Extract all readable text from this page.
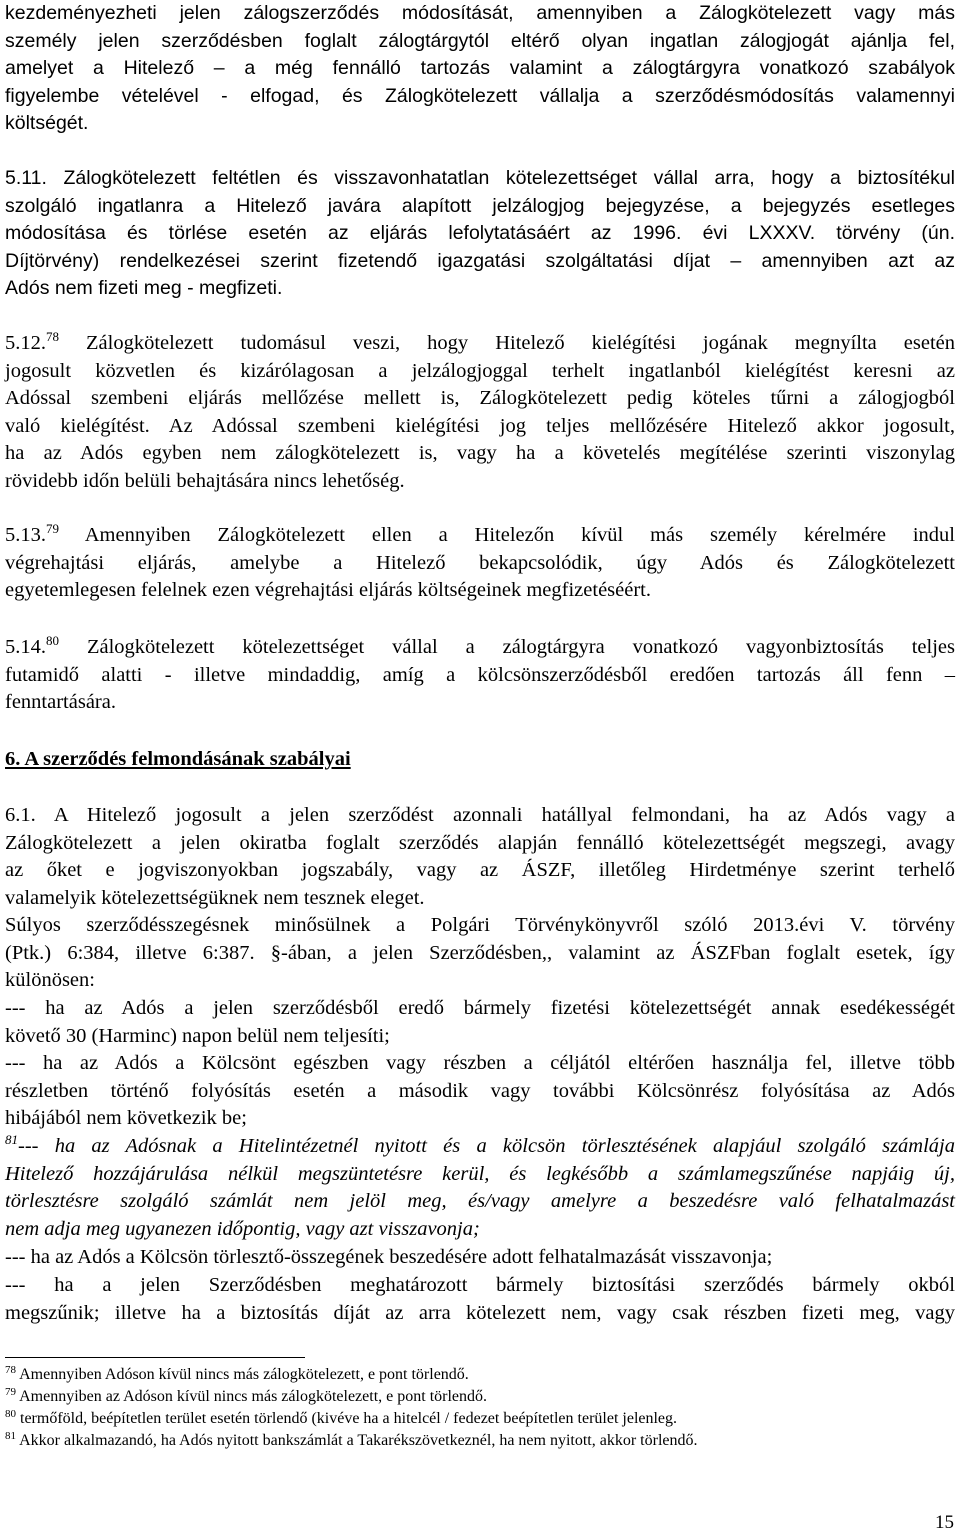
kezdeményezheti jelen zálogszerződés módosítását, amennyiben a Zálogkötelezett vagy más
személy jelen szerződésben foglalt zálogtárgytól eltérő olyan ingatlan zálogjogát ajánlja fel,
amelyet a Hitelező – a még fennálló tartozás valamint a zálogtárgyra vonatkozó szabályok
figyelembe vételével - elfogad, és Zálogkötelezett vállalja a szerződésmódosítás valamennyi
költségét.
5.11. Zálogkötelezett feltétlen és visszavonhatatlan kötelezettséget vállal arra, hogy a biztosítékul
szolgáló ingatlanra a Hitelező javára alapított jelzálogjog bejegyzése, a bejegyzés esetleges
módosítása és törlése esetén az eljárás lefolytatásáért az 1996. évi LXXXV. törvény (ún.
Díjtörvény) rendelkezései szerint fizetendő igazgatási szolgáltatási díjat – amennyiben azt az
Adós nem fizeti meg - megfizeti.
5.12.78 Zálogkötelezett tudomásul veszi, hogy Hitelező kielégítési jogának megnyílta esetén
jogosult közvetlen és kizárólagosan a jelzálogjoggal terhelt ingatlanból kielégítést keresni az
Adóssal szembeni eljárás mellőzése mellett is, Zálogkötelezett pedig köteles tűrni a zálogjogból
való kielégítést. Az Adóssal szembeni kielégítési jog teljes mellőzésére Hitelező akkor jogosult,
ha az Adós egyben nem zálogkötelezett is, vagy ha a követelés megítélése szerinti viszonylag
rövidebb időn belüli behajtására nincs lehetőség.
5.13.79 Amennyiben Zálogkötelezett ellen a Hitelezőn kívül más személy kérelmére indul
végrehajtási eljárás, amelybe a Hitelező bekapcsolódik, úgy Adós és Zálogkötelezett
egyetemlegesen felelnek ezen végrehajtási eljárás költségeinek megfizetéséért.
5.14.80 Zálogkötelezett kötelezettséget vállal a zálogtárgyra vonatkozó vagyonbiztosítás teljes
futamidő alatti - illetve mindaddig, amíg a kölcsönszerződésből eredően tartozás áll fenn –
fenntartására.
6. A szerződés felmondásának szabályai
6.1. A Hitelező jogosult a jelen szerződést azonnali hatállyal felmondani, ha az Adós vagy a
Zálogkötelezett a jelen okiratba foglalt szerződés alapján fennálló kötelezettségét megszegi, avagy
az őket e jogviszonyokban jogszabály, vagy az ÁSZF, illetőleg Hirdetménye szerint terhelő
valamelyik kötelezettségüknek nem tesznek eleget.
Súlyos szerződésszegésnek minősülnek a Polgári Törvénykönyvről szóló 2013.évi V. törvény
(Ptk.) 6:384, illetve 6:387. §-ában, a jelen Szerződésben,, valamint az ÁSZFban foglalt esetek, így
különösen:
--- ha az Adós a jelen szerződésből eredő bármely fizetési kötelezettségét annak esedékességét
követő 30 (Harminc) napon belül nem teljesíti;
--- ha az Adós a Kölcsönt egészben vagy részben a céljától eltérően használja fel, illetve több
részletben történő folyósítás esetén a második vagy további Kölcsönrész folyósítása az Adós
hibájából nem következik be;
$^{81}$--- ha az Adósnak a Hitelintézetnél nyitott és a kölcsön törlesztésének alapjául szolgáló számlája
Hitelező hozzájárulása nélkül megszüntetésre kerül, és legkésőbb a számlamegszűnése napjáig új,
törlesztésre szolgáló számlát nem jelöl meg, és/vagy amelyre a beszedésre való felhatalmazást
nem adja meg ugyanezen időpontig, vagy azt visszavonja;
--- ha az Adós a Kölcsön törlesztő-összegének beszedésére adott felhatalmazását visszavonja;
--- ha a jelen Szerződésben meghatározott bármely biztosítási szerződés bármely okból
megszűnik; illetve ha a biztosítás díját az arra kötelezett nem, vagy csak részben fizeti meg, vagy
$^{78}$ Amennyiben Adóson kívül nincs más zálogkötelezett, e pont törlendő.
$^{79}$ Amennyiben az Adóson kívül nincs más zálogkötelezett, e pont törlendő.
$^{80}$ termőföld, beépítetlen terület esetén törlendő (kivéve ha a hitelcél / fedezet beépítetlen terület jelenleg.
$^{81}$ Akkor alkalmazandó, ha Adós nyitott bankszámlát a Takarékszövetkeznél, ha nem nyitott, akkor törlendő.
15
